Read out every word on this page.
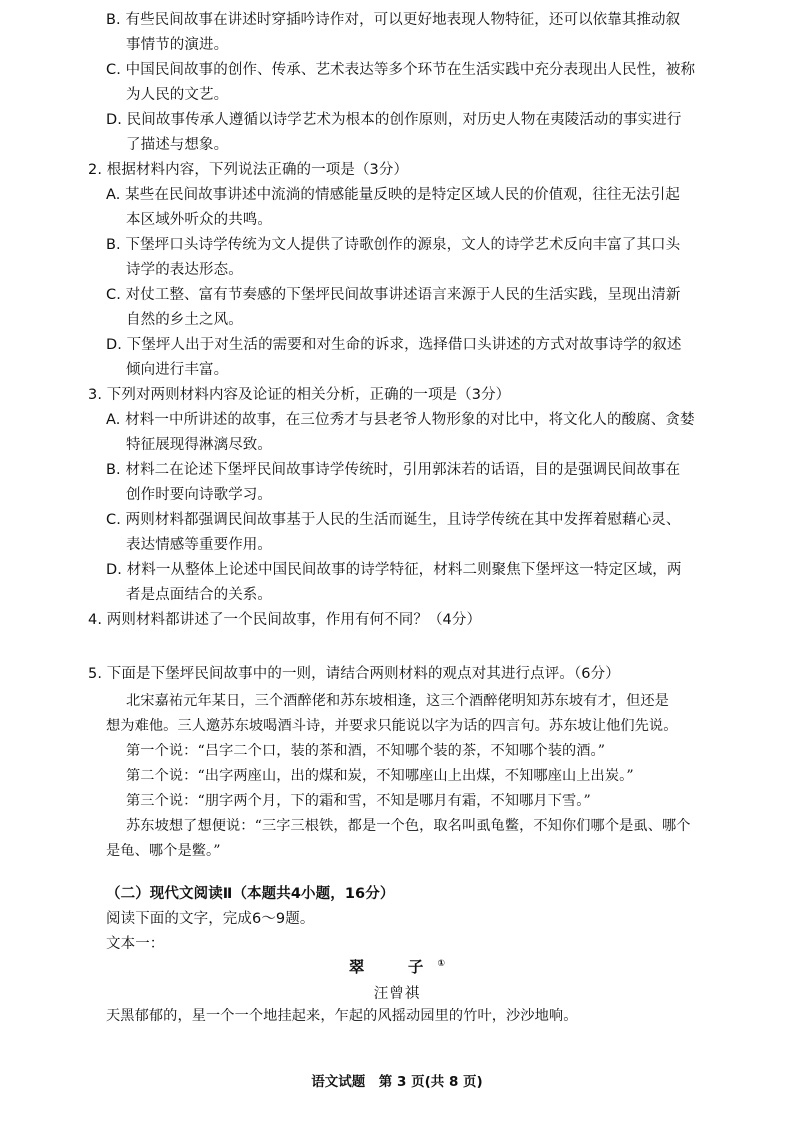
B. 有些民间故事在讲述时穿插吟诗作对，可以更好地表现人物特征，还可以依靠其推动叙
事情节的演进。
C. 中国民间故事的创作、传承、艺术表达等多个环节在生活实践中充分表现出人民性，被称
为人民的文艺。
D. 民间故事传承人遵循以诗学艺术为根本的创作原则，对历史人物在夷陵活动的事实进行
了描述与想象。
2. 根据材料内容，下列说法正确的一项是（3分）
A. 某些在民间故事讲述中流淌的情感能量反映的是特定区域人民的价值观，往往无法引起
本区域外听众的共鸣。
B. 下堡坪口头诗学传统为文人提供了诗歌创作的源泉，文人的诗学艺术反向丰富了其口头
诗学的表达形态。
C. 对仗工整、富有节奏感的下堡坪民间故事讲述语言来源于人民的生活实践，呈现出清新
自然的乡土之风。
D. 下堡坪人出于对生活的需要和对生命的诉求，选择借口头讲述的方式对故事诗学的叙述
倾向进行丰富。
3. 下列对两则材料内容及论证的相关分析，正确的一项是（3分）
A. 材料一中所讲述的故事，在三位秀才与县老爷人物形象的对比中，将文化人的酸腐、贪婪
特征展现得淋漓尽致。
B. 材料二在论述下堡坪民间故事诗学传统时，引用郭沫若的话语，目的是强调民间故事在
创作时要向诗歌学习。
C. 两则材料都强调民间故事基于人民的生活而诞生，且诗学传统在其中发挥着慰藉心灵、
表达情感等重要作用。
D. 材料一从整体上论述中国民间故事的诗学特征，材料二则聚焦下堡坪这一特定区域，两
者是点面结合的关系。
4. 两则材料都讲述了一个民间故事，作用有何不同？（4分）
5. 下面是下堡坪民间故事中的一则，请结合两则材料的观点对其进行点评。（6分）
北宋嘉祐元年某日，三个酒醉佬和苏东坡相逢，这三个酒醉佬明知苏东坡有才，但还是
想为难他。三人邀苏东坡喝酒斗诗，并要求只能说以字为话的四言句。苏东坡让他们先说。
第一个说：“吕字二个口，装的茶和酒，不知哪个装的茶，不知哪个装的酒。”
第二个说：“出字两座山，出的煤和炭，不知哪座山上出煤，不知哪座山上出炭。”
第三个说：“朋字两个月，下的霜和雪，不知是哪月有霜，不知哪月下雪。”
苏东坡想了想便说：“三字三根铁，都是一个色，取名叫虱龟鳖，不知你们哪个是虱、哪个
是龟、哪个是鳖。”
（二）现代文阅读Ⅱ（本题共4小题，16分）
阅读下面的文字，完成6～9题。
文本一：
翠　子①
汪曾祺
天黑郁郁的，星一个一个地挂起来，乍起的风摇动园里的竹叶，沙沙地响。
语文试题　第 3 页(共 8 页)
